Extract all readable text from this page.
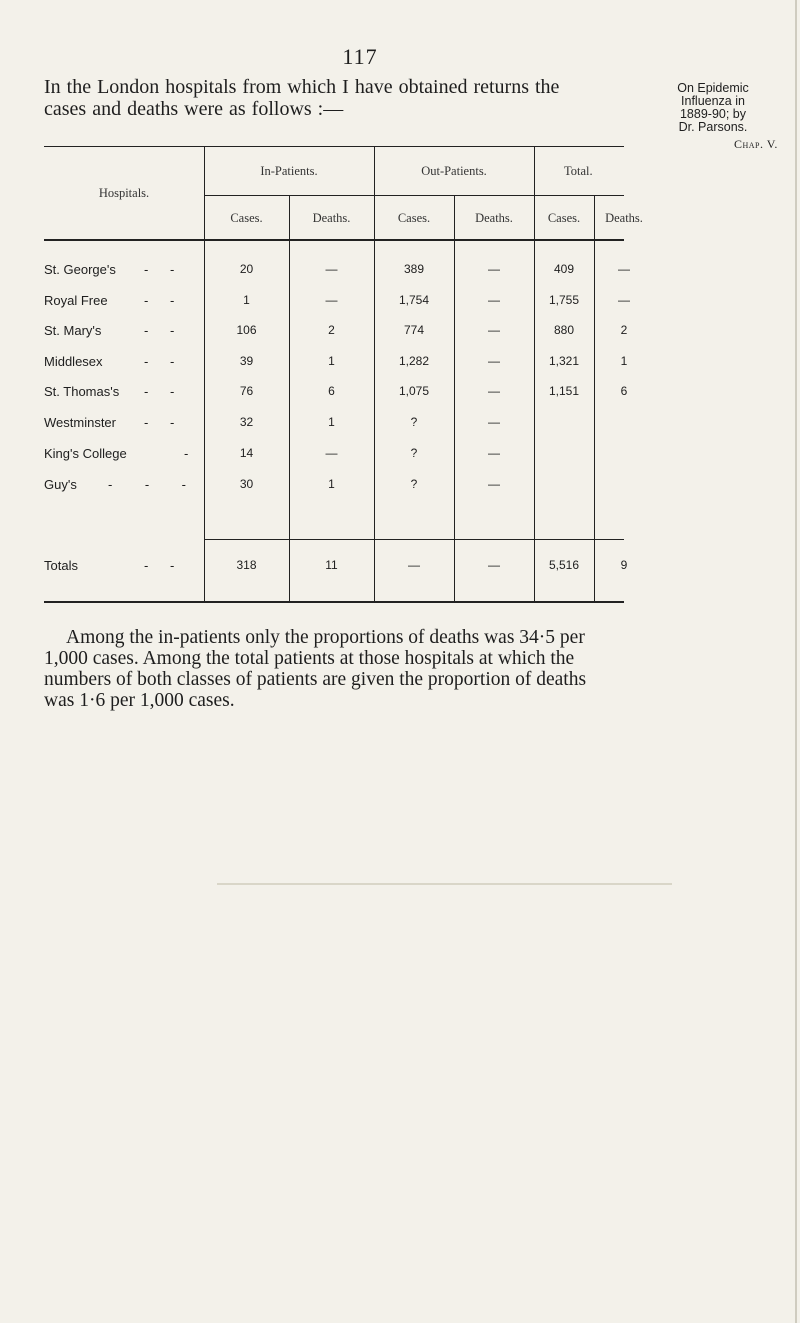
117
In the London hospitals from which I have obtained returns the
cases and deaths were as follows :—
On Epidemic
Influenza in
1889-90; by
Dr. Parsons.
Chap. V.
Hospitals.
In-Patients.	Out-Patients.	Total.
Cases.	Deaths.	Cases.	Deaths.	Cases.	Deaths.
St. George's -      -	20	—	389	—	409	—
Royal Free	-      -	1	—	1,754	—	1,755	—
St. Mary's	-      -	106	2	774	—	880	2
Middlesex	-      -	39	1	1,282	—	1,321	1
St. Thomas's -      -	76	6	1,075	—	1,151	6
Westminster -      -	32	1	?	—
King's College	-	14	—	?	—
Guy's -         -         -	30	1	?	—
Totals	-      -	318	11	—	—	5,516	9

Among the in-patients only the proportions of deaths was 34·5 per

1,000 cases. Among the total patients at those hospitals at which the
numbers of both classes of patients are given the proportion of deaths
was 1·6 per 1,000 cases.
